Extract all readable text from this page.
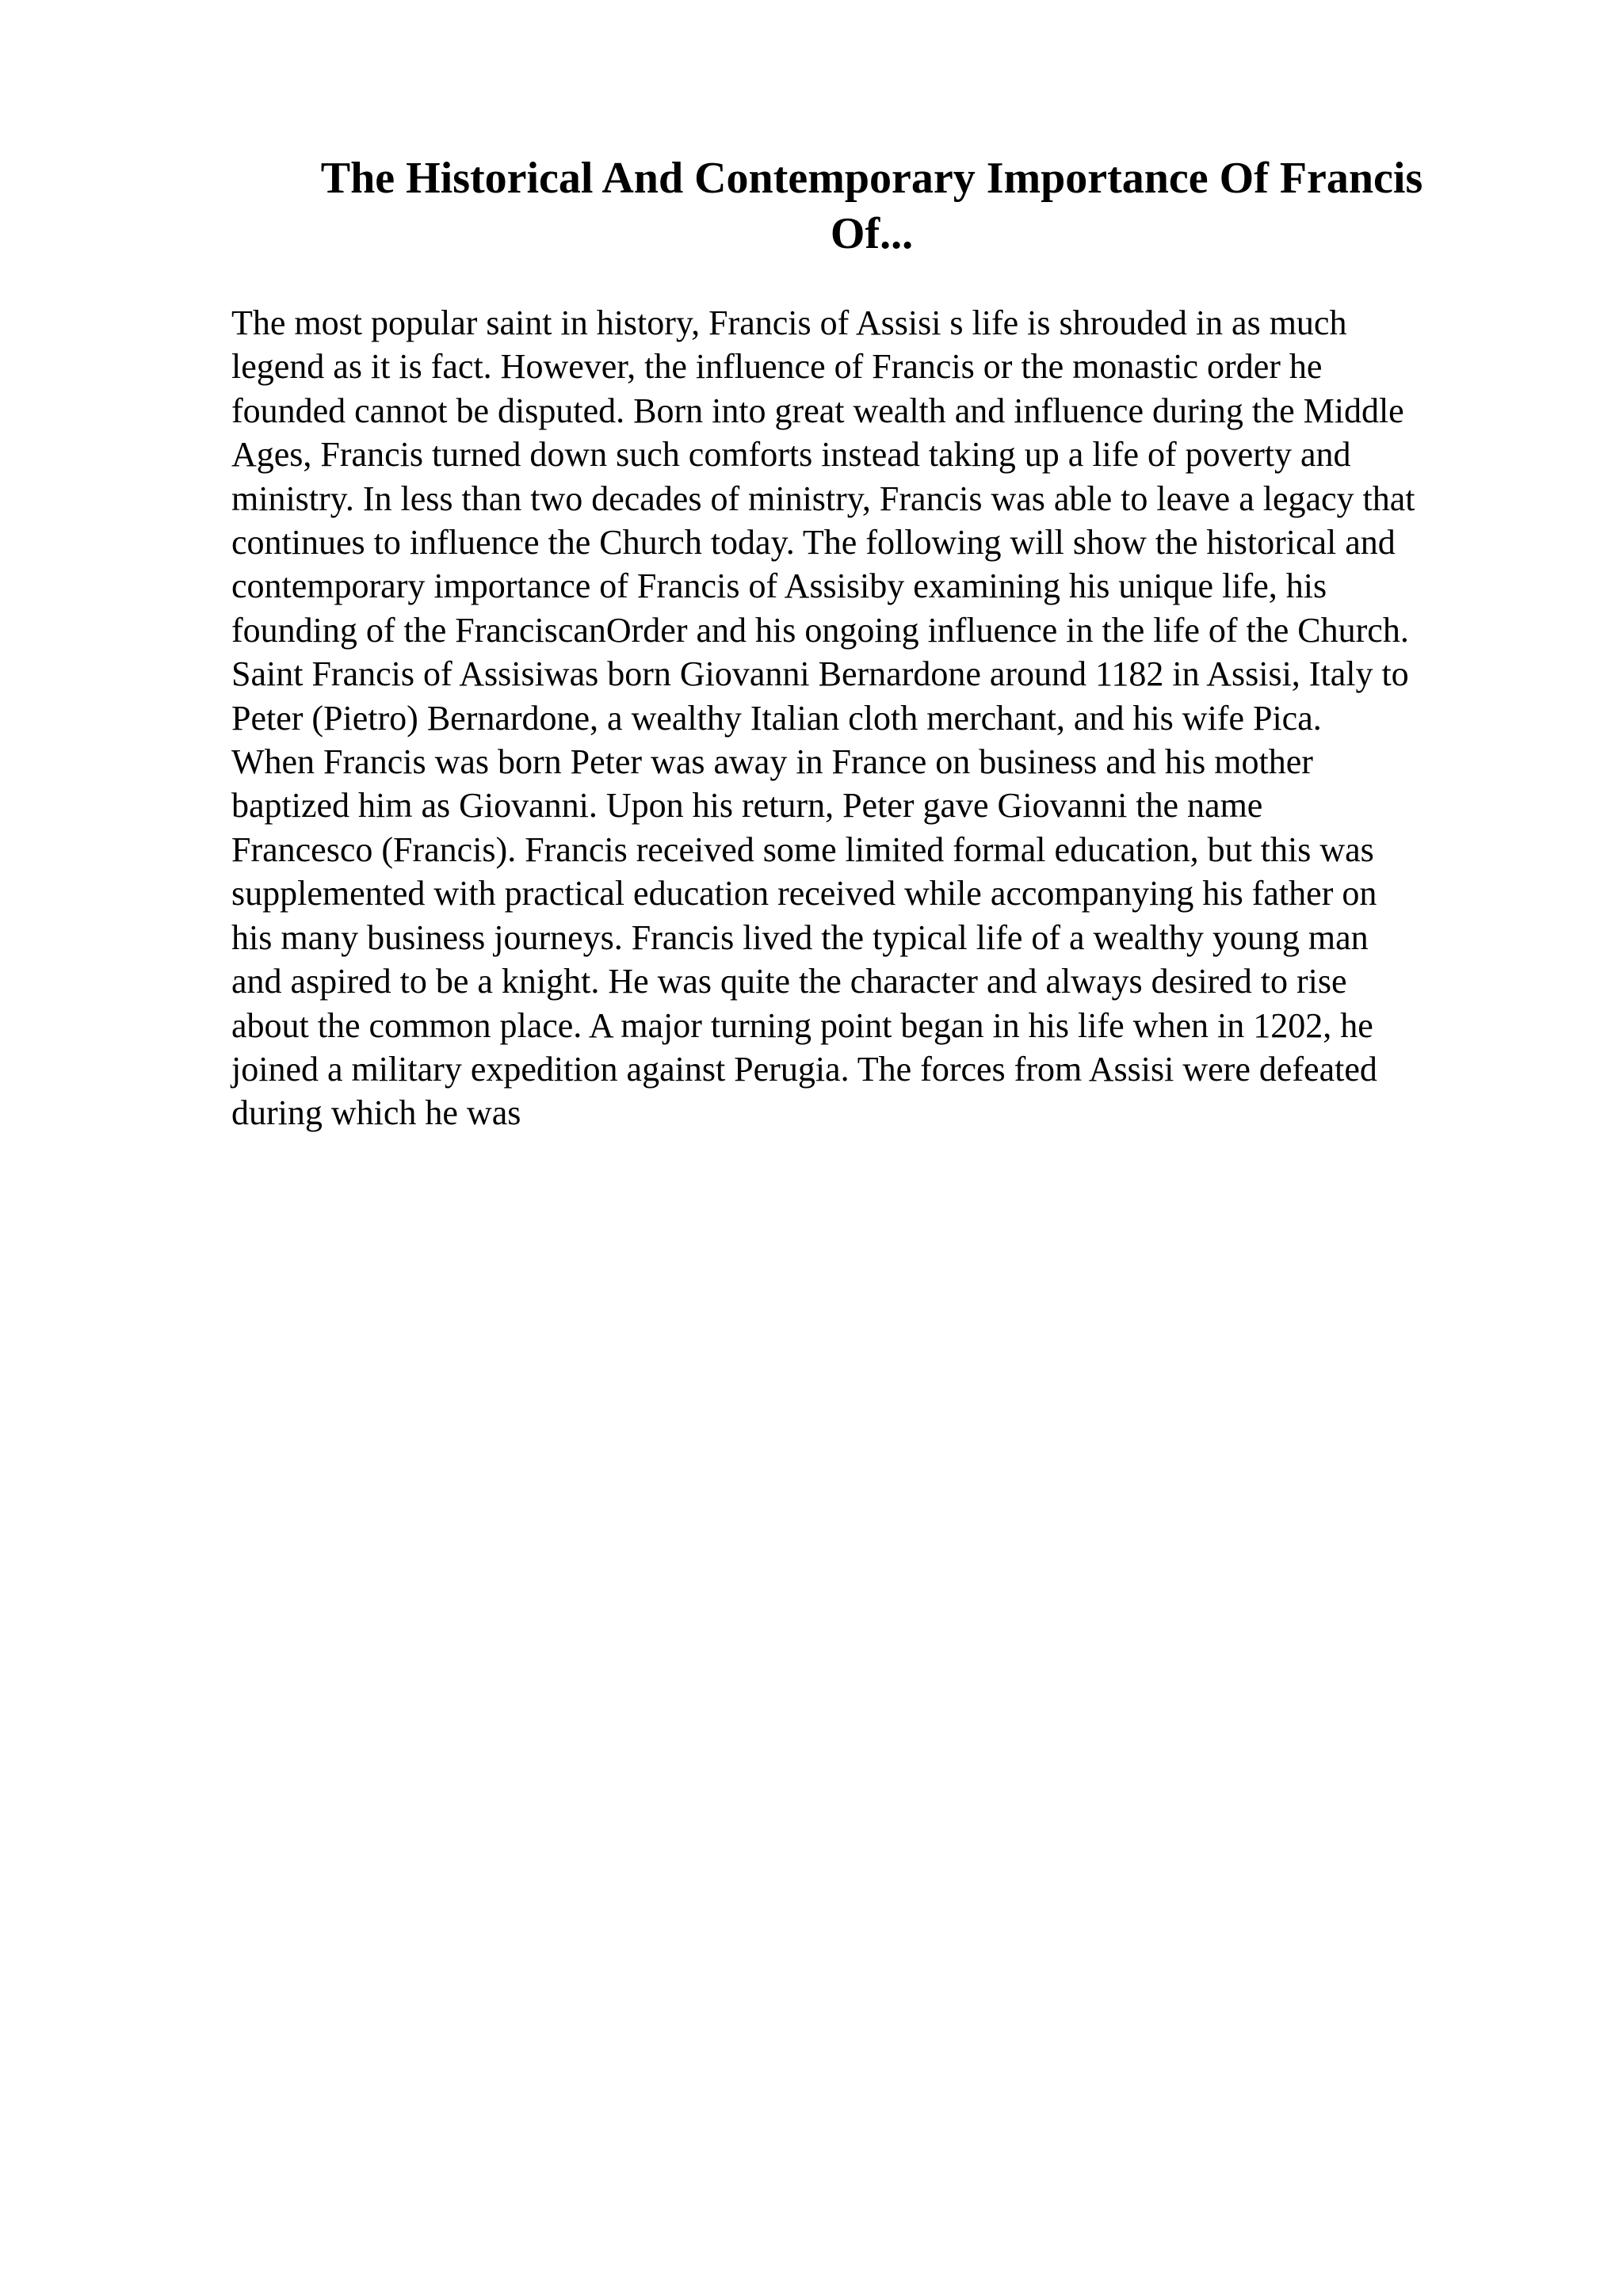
The Historical And Contemporary Importance Of Francis
Of...
The most popular saint in history, Francis of Assisi s life is shrouded in as much
legend as it is fact. However, the influence of Francis or the monastic order he
founded cannot be disputed. Born into great wealth and influence during the Middle
Ages, Francis turned down such comforts instead taking up a life of poverty and
ministry. In less than two decades of ministry, Francis was able to leave a legacy that
continues to influence the Church today. The following will show the historical and
contemporary importance of Francis of Assisiby examining his unique life, his
founding of the FranciscanOrder and his ongoing influence in the life of the Church.
Saint Francis of Assisiwas born Giovanni Bernardone around 1182 in Assisi, Italy to
Peter (Pietro) Bernardone, a wealthy Italian cloth merchant, and his wife Pica.
When Francis was born Peter was away in France on business and his mother
baptized him as Giovanni. Upon his return, Peter gave Giovanni the name
Francesco (Francis). Francis received some limited formal education, but this was
supplemented with practical education received while accompanying his father on
his many business journeys. Francis lived the typical life of a wealthy young man
and aspired to be a knight. He was quite the character and always desired to rise
about the common place. A major turning point began in his life when in 1202, he
joined a military expedition against Perugia. The forces from Assisi were defeated
during which he was
